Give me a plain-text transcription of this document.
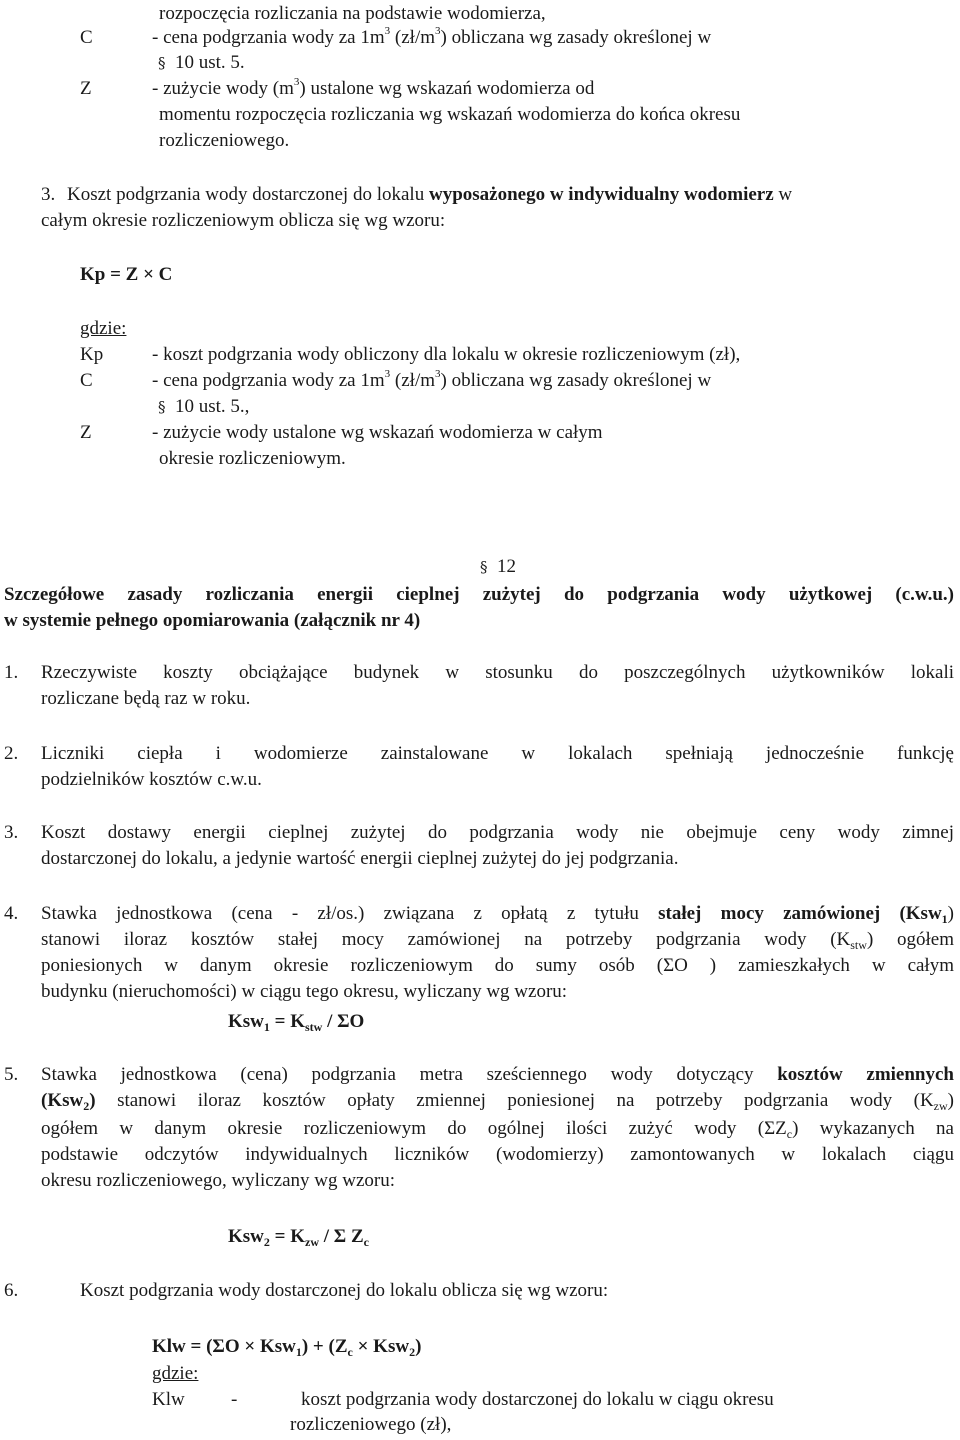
rozpoczęcia rozliczania na podstawie wodomierza,
C	- cena podgrzania wody za $1m^3$ $(zł/m^3)$ obliczana wg zasady określonej w
§ 10 ust. 5.
Z	- zużycie wody $(m^3)$ ustalone wg wskazań wodomierza od
momentu rozpoczęcia rozliczania wg wskazań wodomierza do końca okresu
rozliczeniowego.
3. Koszt podgrzania wody dostarczonej do lokalu wyposażonego w indywidualny wodomierz w
całym okresie rozliczeniowym oblicza się wg wzoru:
Kp = Z × C
gdzie:
Kp	- koszt podgrzania wody obliczony dla lokalu w okresie rozliczeniowym (zł),
C	- cena podgrzania wody za $1m^3$ $(zł/m^3)$ obliczana wg zasady określonej w
§ 10 ust. 5.,
Z	- zużycie wody ustalone wg wskazań wodomierza w całym
okresie rozliczeniowym.
§ 12
Szczegółowe zasady rozliczania energii cieplnej zużytej do podgrzania wody użytkowej (c.w.u.)
w systemie pełnego opomiarowania (załącznik nr 4)
1. Rzeczywiste koszty obciążające budynek w stosunku do poszczególnych użytkowników lokali
rozliczane będą raz w roku.
2. Liczniki ciepła i wodomierze zainstalowane w lokalach spełniają jednocześnie funkcję
podzielników kosztów c.w.u.
3. Koszt dostawy energii cieplnej zużytej do podgrzania wody nie obejmuje ceny wody zimnej
dostarczonej do lokalu, a jedynie wartość energii cieplnej zużytej do jej podgrzania.
4. Stawka jednostkowa (cena - zł/os.) związana z opłatą z tytułu stałej mocy zamówionej (Ksw$_1$)
stanowi iloraz kosztów stałej mocy zamówionej na potrzeby podgrzania wody $(K_{stw})$ ogółem
poniesionych w danym okresie rozliczeniowym do sumy osób (ΣO ) zamieszkałych w całym
budynku (nieruchomości) w ciągu tego okresu, wyliczany wg wzoru:
$Ksw_1 = K_{stw} / \Sigma O$
5. Stawka jednostkowa (cena) podgrzania metra sześciennego wody dotyczący kosztów zmiennych
(Ksw$_2$) stanowi iloraz kosztów opłaty zmiennej poniesionej na potrzeby podgrzania wody $(K_{zw})$
ogółem w danym okresie rozliczeniowym do ogólnej ilości zużyć wody $(\Sigma Z_c)$ wykazanych na
podstawie odczytów indywidualnych liczników (wodomierzy) zamontowanych w lokalach ciągu
okresu rozliczeniowego, wyliczany wg wzoru:
$Ksw_2 = K_{zw} / \Sigma$ $Z_c$
6.	Koszt podgrzania wody dostarczonej do lokalu oblicza się wg wzoru:
Klw = $(\Sigma O \times Ksw_1) + (Z_c \times Ksw_2)$
gdzie:
Klw -	koszt podgrzania wody dostarczonej do lokalu w ciągu okresu
rozliczeniowego (zł),
